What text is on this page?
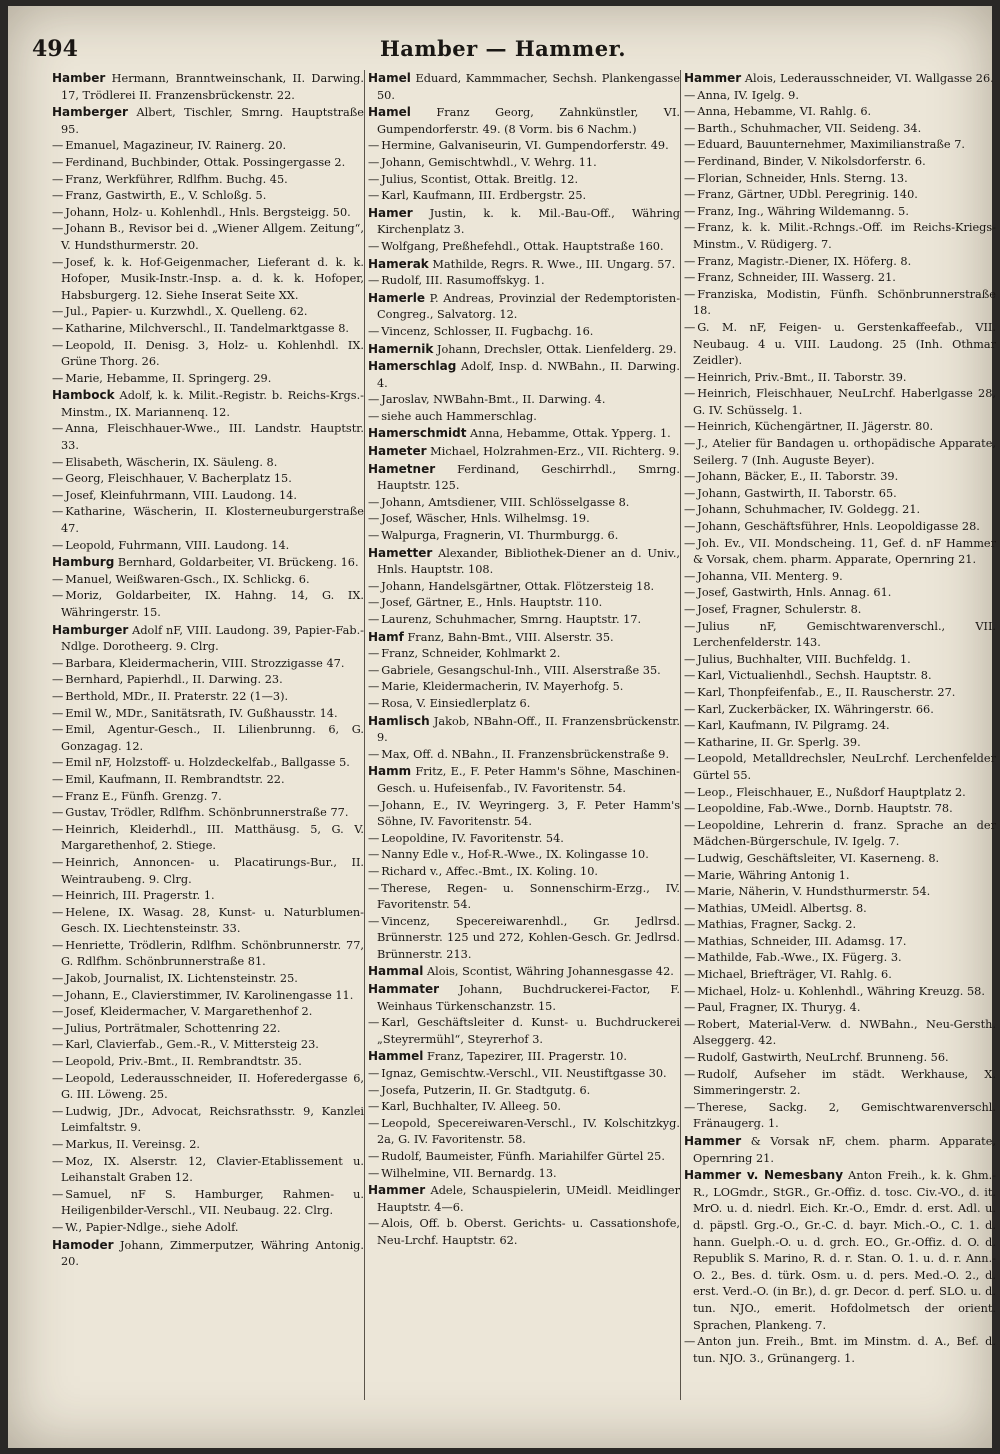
494	Hamber — Hammer.

Hamber Hermann, Branntweinschank, II. Darwing. 17, Trödlerei II. Franzensbrückenstr. 22.

Hamberger Albert, Tischler, Smrng. Hauptstraße 95.

— Emanuel, Magazineur, IV. Rainerg. 20.

— Ferdinand, Buchbinder, Ottak. Possingergasse 2.

— Franz, Werkführer, Rdlfhm. Buchg. 45.

— Franz, Gastwirth, E., V. Schloßg. 5.

— Johann, Holz- u. Kohlenhdl., Hnls. Bergsteigg. 50.

— Johann B., Revisor bei d. „Wiener Allgem. Zeitung“, V. Hundsthurmerstr. 20.

— Josef, k. k. Hof-Geigenmacher, Lieferant d. k. k. Hofoper, Musik-Instr.-Insp. a. d. k. k. Hofoper, Habsburgerg. 12. Siehe Inserat Seite XX.

— Jul., Papier- u. Kurzwhdl., X. Quelleng. 62.

— Katharine, Milchverschl., II. Tandelmarktgasse 8.

— Leopold, II. Denisg. 3, Holz- u. Kohlenhdl. IX. Grüne Thorg. 26.

— Marie, Hebamme, II. Springerg. 29.

Hambock Adolf, k. k. Milit.-Registr. b. Reichs-Krgs.-Minstm., IX. Mariannenq. 12.

— Anna, Fleischhauer-Wwe., III. Landstr. Hauptstr. 33.

— Elisabeth, Wäscherin, IX. Säuleng. 8.

— Georg, Fleischhauer, V. Bacherplatz 15.

— Josef, Kleinfuhrmann, VIII. Laudong. 14.

— Katharine, Wäscherin, II. Klosterneuburgerstraße 47.

— Leopold, Fuhrmann, VIII. Laudong. 14.

Hamburg Bernhard, Goldarbeiter, VI. Brückeng. 16.

— Manuel, Weißwaren-Gsch., IX. Schlickg. 6.

— Moriz, Goldarbeiter, IX. Hahng. 14, G. IX. Währingerstr. 15.

Hamburger Adolf nF, VIII. Laudong. 39, Papier-Fab.-Ndlge. Dorotheerg. 9. Clrg.

— Barbara, Kleidermacherin, VIII. Strozzigasse 47.

— Bernhard, Papierhdl., II. Darwing. 23.

— Berthold, MDr., II. Praterstr. 22 (1—3).

— Emil W., MDr., Sanitätsrath, IV. Gußhausstr. 14.

— Emil, Agentur-Gesch., II. Lilienbrunng. 6, G. Gonzagag. 12.

— Emil nF, Holzstoff- u. Holzdeckelfab., Ballgasse 5.

— Emil, Kaufmann, II. Rembrandtstr. 22.

— Franz E., Fünfh. Grenzg. 7.

— Gustav, Trödler, Rdlfhm. Schönbrunnerstraße 77.

— Heinrich, Kleiderhdl., III. Matthäusg. 5, G. V. Margarethenhof, 2. Stiege.

— Heinrich, Annoncen- u. Placatirungs-Bur., II. Weintraubeng. 9. Clrg.

— Heinrich, III. Pragerstr. 1.

— Helene, IX. Wasag. 28, Kunst- u. Naturblumen-Gesch. IX. Liechtensteinstr. 33.

— Henriette, Trödlerin, Rdlfhm. Schönbrunnerstr. 77, G. Rdlfhm. Schönbrunnerstraße 81.

— Jakob, Journalist, IX. Lichtensteinstr. 25.

— Johann, E., Clavierstimmer, IV. Karolinengasse 11.

— Josef, Kleidermacher, V. Margarethenhof 2.

— Julius, Porträtmaler, Schottenring 22.

— Karl, Clavierfab., Gem.-R., V. Mittersteig 23.

— Leopold, Priv.-Bmt., II. Rembrandtstr. 35.

— Leopold, Lederausschneider, II. Hoferedergasse 6, G. III. Löweng. 25.

— Ludwig, JDr., Advocat, Reichsrathsstr. 9, Kanzlei Leimfaltstr. 9.

— Markus, II. Vereinsg. 2.

— Moz, IX. Alserstr. 12, Clavier-Etablissement u. Leihanstalt Graben 12.

— Samuel, nF S. Hamburger, Rahmen- u. Heiligenbilder-Verschl., VII. Neubaug. 22. Clrg.

— W., Papier-Ndlge., siehe Adolf.

Hamoder Johann, Zimmerputzer, Währing Antonig. 20.

Hamel Eduard, Kammmacher, Sechsh. Plankengasse 50.

Hamel Franz Georg, Zahnkünstler, VI. Gumpendorferstr. 49. (8 Vorm. bis 6 Nachm.)

— Hermine, Galvaniseurin, VI. Gumpendorferstr. 49.

— Johann, Gemischtwhdl., V. Wehrg. 11.

— Julius, Scontist, Ottak. Breitlg. 12.

— Karl, Kaufmann, III. Erdbergstr. 25.

Hamer Justin, k. k. Mil.-Bau-Off., Währing Kirchenplatz 3.

— Wolfgang, Preßhefehdl., Ottak. Hauptstraße 160.

Hamerak Mathilde, Regrs. R. Wwe., III. Ungarg. 57.

— Rudolf, III. Rasumoffskyg. 1.

Hamerle P. Andreas, Provinzial der Redemptoristen-Congreg., Salvatorg. 12.

— Vincenz, Schlosser, II. Fugbachg. 16.

Hamernik Johann, Drechsler, Ottak. Lienfelderg. 29.

Hamerschlag Adolf, Insp. d. NWBahn., II. Darwing. 4.

— Jaroslav, NWBahn-Bmt., II. Darwing. 4.

— siehe auch Hammerschlag.

Hamerschmidt Anna, Hebamme, Ottak. Ypperg. 1.

Hameter Michael, Holzrahmen-Erz., VII. Richterg. 9.

Hametner Ferdinand, Geschirrhdl., Smrng. Hauptstr. 125.

— Johann, Amtsdiener, VIII. Schlösselgasse 8.

— Josef, Wäscher, Hnls. Wilhelmsg. 19.

— Walpurga, Fragnerin, VI. Thurmburgg. 6.

Hametter Alexander, Bibliothek-Diener an d. Univ., Hnls. Hauptstr. 108.

— Johann, Handelsgärtner, Ottak. Flötzersteig 18.

— Josef, Gärtner, E., Hnls. Hauptstr. 110.

— Laurenz, Schuhmacher, Smrng. Hauptstr. 17.

Hamf Franz, Bahn-Bmt., VIII. Alserstr. 35.

— Franz, Schneider, Kohlmarkt 2.

— Gabriele, Gesangschul-Inh., VIII. Alserstraße 35.

— Marie, Kleidermacherin, IV. Mayerhofg. 5.

— Rosa, V. Einsiedlerplatz 6.

Hamlisch Jakob, NBahn-Off., II. Franzensbrückenstr. 9.

— Max, Off. d. NBahn., II. Franzensbrückenstraße 9.

Hamm Fritz, E., F. Peter Hamm's Söhne, Maschinen-Gesch. u. Hufeisenfab., IV. Favoritenstr. 54.

— Johann, E., IV. Weyringerg. 3, F. Peter Hamm's Söhne, IV. Favoritenstr. 54.

— Leopoldine, IV. Favoritenstr. 54.

— Nanny Edle v., Hof-R.-Wwe., IX. Kolingasse 10.

— Richard v., Affec.-Bmt., IX. Koling. 10.

— Therese, Regen- u. Sonnenschirm-Erzg., IV. Favoritenstr. 54.

— Vincenz, Specereiwarenhdl., Gr. Jedlrsd. Brünnerstr. 125 und 272, Kohlen-Gesch. Gr. Jedlrsd. Brünnerstr. 213.

Hammal Alois, Scontist, Währing Johannesgasse 42.

Hammater Johann, Buchdruckerei-Factor, F. Weinhaus Türkenschanzstr. 15.

— Karl, Geschäftsleiter d. Kunst- u. Buchdruckerei „Steyrermühl“, Steyrerhof 3.

Hammel Franz, Tapezirer, III. Pragerstr. 10.

— Ignaz, Gemischtw.-Verschl., VII. Neustiftgasse 30.

— Josefa, Putzerin, II. Gr. Stadtgutg. 6.

— Karl, Buchhalter, IV. Alleeg. 50.

— Leopold, Specereiwaren-Verschl., IV. Kolschitzkyg. 2a, G. IV. Favoritenstr. 58.

— Rudolf, Baumeister, Fünfh. Mariahilfer Gürtel 25.

— Wilhelmine, VII. Bernardg. 13.

Hammer Adele, Schauspielerin, UMeidl. Meidlinger Hauptstr. 4—6.

— Alois, Off. b. Oberst. Gerichts- u. Cassationshofe, Neu-Lrchf. Hauptstr. 62.

Hammer Alois, Lederausschneider, VI. Wallgasse 26.

— Anna, IV. Igelg. 9.

— Anna, Hebamme, VI. Rahlg. 6.

— Barth., Schuhmacher, VII. Seideng. 34.

— Eduard, Bauunternehmer, Maximilianstraße 7.

— Ferdinand, Binder, V. Nikolsdorferstr. 6.

— Florian, Schneider, Hnls. Sterng. 13.

— Franz, Gärtner, UDbl. Peregrinig. 140.

— Franz, Ing., Währing Wildemanng. 5.

— Franz, k. k. Milit.-Rchngs.-Off. im Reichs-Kriegs-Minstm., V. Rüdigerg. 7.

— Franz, Magistr.-Diener, IX. Höferg. 8.

— Franz, Schneider, III. Wasserg. 21.

— Franziska, Modistin, Fünfh. Schönbrunnerstraße 18.

— G. M. nF, Feigen- u. Gerstenkaffeefab., VII. Neubaug. 4 u. VIII. Laudong. 25 (Inh. Othmar Zeidler).

— Heinrich, Priv.-Bmt., II. Taborstr. 39.

— Heinrich, Fleischhauer, NeuLrchf. Haberlgasse 28, G. IV. Schüsselg. 1.

— Heinrich, Küchengärtner, II. Jägerstr. 80.

— J., Atelier für Bandagen u. orthopädische Apparate, Seilerg. 7 (Inh. Auguste Beyer).

— Johann, Bäcker, E., II. Taborstr. 39.

— Johann, Gastwirth, II. Taborstr. 65.

— Johann, Schuhmacher, IV. Goldegg. 21.

— Johann, Geschäftsführer, Hnls. Leopoldigasse 28.

— Joh. Ev., VII. Mondscheing. 11, Gef. d. nF Hammer & Vorsak, chem. pharm. Apparate, Opernring 21.

— Johanna, VII. Menterg. 9.

— Josef, Gastwirth, Hnls. Annag. 61.

— Josef, Fragner, Schulerstr. 8.

— Julius nF, Gemischtwarenverschl., VII. Lerchenfelderstr. 143.

— Julius, Buchhalter, VIII. Buchfeldg. 1.

— Karl, Victualienhdl., Sechsh. Hauptstr. 8.

— Karl, Thonpfeifenfab., E., II. Rauscherstr. 27.

— Karl, Zuckerbäcker, IX. Währingerstr. 66.

— Karl, Kaufmann, IV. Pilgramg. 24.

— Katharine, II. Gr. Sperlg. 39.

— Leopold, Metalldrechsler, NeuLrchf. Lerchenfelder Gürtel 55.

— Leop., Fleischhauer, E., Nußdorf Hauptplatz 2.

— Leopoldine, Fab.-Wwe., Dornb. Hauptstr. 78.

— Leopoldine, Lehrerin d. franz. Sprache an der Mädchen-Bürgerschule, IV. Igelg. 7.

— Ludwig, Geschäftsleiter, VI. Kaserneng. 8.

— Marie, Währing Antonig 1.

— Marie, Näherin, V. Hundsthurmerstr. 54.

— Mathias, UMeidl. Albertsg. 8.

— Mathias, Fragner, Sackg. 2.

— Mathias, Schneider, III. Adamsg. 17.

— Mathilde, Fab.-Wwe., IX. Fügerg. 3.

— Michael, Briefträger, VI. Rahlg. 6.

— Michael, Holz- u. Kohlenhdl., Währing Kreuzg. 58.

— Paul, Fragner, IX. Thuryg. 4.

— Robert, Material-Verw. d. NWBahn., Neu-Gersth. Alseggerg. 42.

— Rudolf, Gastwirth, NeuLrchf. Brunneng. 56.

— Rudolf, Aufseher im städt. Werkhause, X. Simmeringerstr. 2.

— Therese, Sackg. 2, Gemischtwarenverschl. Fränaugerg. 1.

Hammer & Vorsak nF, chem. pharm. Apparate, Opernring 21.

Hammer v. Nemesbany Anton Freih., k. k. Ghm.-R., LOGmdr., StGR., Gr.-Offiz. d. tosc. Civ.-VO., d. it. MrO. u. d. niedrl. Eich. Kr.-O., Emdr. d. erst. Adl. u. d. päpstl. Grg.-O., Gr.-C. d. bayr. Mich.-O., C. 1. d. hann. Guelph.-O. u. d. grch. EO., Gr.-Offiz. d. O. d. Republik S. Marino, R. d. r. Stan. O. 1. u. d. r. Ann.-O. 2., Bes. d. türk. Osm. u. d. pers. Med.-O. 2., d. erst. Verd.-O. (in Br.), d. gr. Decor. d. perf. SLO. u. d. tun. NJO., emerit. Hofdolmetsch der orient. Sprachen, Plankeng. 7.

— Anton jun. Freih., Bmt. im Minstm. d. A., Bef. d. tun. NJO. 3., Grünangerg. 1.
